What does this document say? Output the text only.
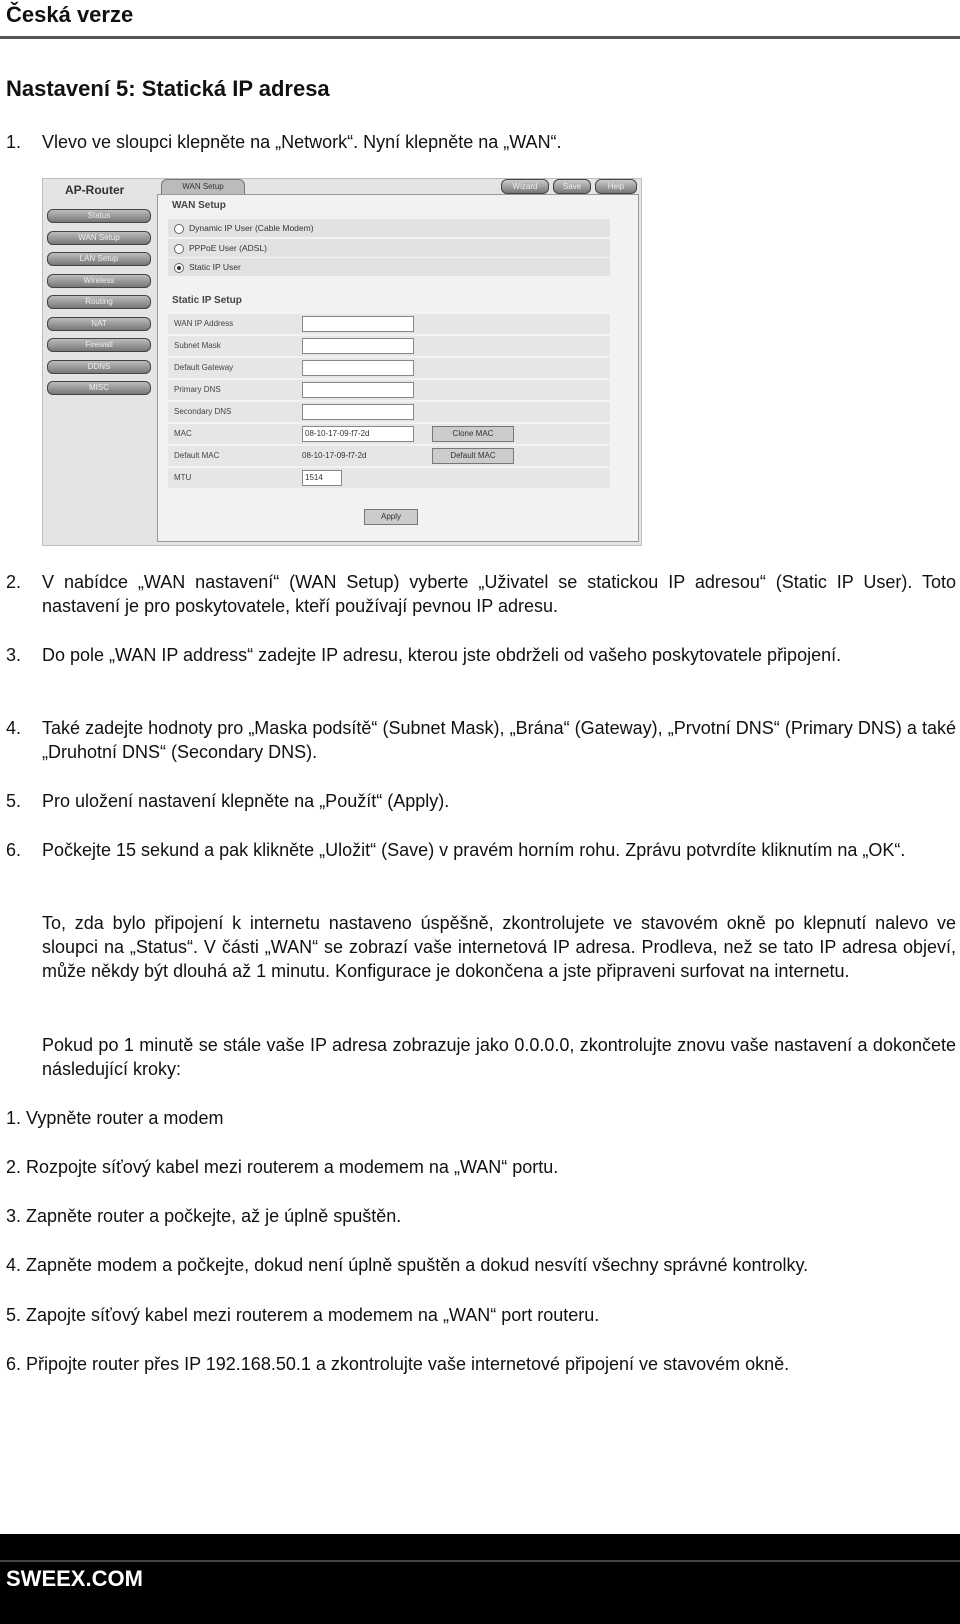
Česká verze
Nastavení 5: Statická IP adresa
1. Vlevo ve sloupci klepněte na „Network“. Nyní klepněte na „WAN“.
AP-Router
Status
WAN Setup
LAN Setup
Wireless
Routing
NAT
Firewall
DDNS
MISC
WAN Setup	Wizard	Save	Help
WAN Setup
Dynamic IP User (Cable Modem)
PPPoE User (ADSL)
Static IP User
Static IP Setup
WAN IP Address
Subnet Mask
Default Gateway
Primary DNS
Secondary DNS
MAC	08-10-17-09-f7-2d	Clone MAC
Default MAC	08-10-17-09-f7-2d	Default MAC
MTU	1514
Apply
2. V nabídce „WAN nastavení“ (WAN Setup) vyberte „Uživatel se statickou IP adresou“ (Static IP User). Toto nastavení je pro poskytovatele, kteří používají pevnou IP adresu.
3. Do pole „WAN IP address“ zadejte IP adresu, kterou jste obdrželi od vašeho poskytovatele připojení.
4. Také zadejte hodnoty pro „Maska podsítě“ (Subnet Mask), „Brána“ (Gateway), „Prvotní DNS“ (Primary DNS) a také „Druhotní DNS“ (Secondary DNS).
5. Pro uložení nastavení klepněte na „Použít“ (Apply).
6. Počkejte 15 sekund a pak klikněte „Uložit“ (Save) v pravém horním rohu. Zprávu potvrdíte kliknutím na „OK“.
To, zda bylo připojení k internetu nastaveno úspěšně, zkontrolujete ve stavovém okně po klepnutí nalevo ve sloupci na „Status“. V části „WAN“ se zobrazí vaše internetová IP adresa. Prodleva, než se tato IP adresa objeví, může někdy být dlouhá až 1 minutu. Konfigurace je dokončena a jste připraveni surfovat na internetu.
Pokud po 1 minutě se stále vaše IP adresa zobrazuje jako 0.0.0.0, zkontrolujte znovu vaše nastavení a dokončete následující kroky:
1. Vypněte router a modem
2. Rozpojte síťový kabel mezi routerem a modemem na „WAN“ portu.
3. Zapněte router a počkejte, až je úplně spuštěn.
4. Zapněte modem a počkejte, dokud není úplně spuštěn a dokud nesvítí všechny správné kontrolky.
5. Zapojte síťový kabel mezi routerem a modemem na „WAN“ port routeru.
6. Připojte router přes IP 192.168.50.1 a zkontrolujte vaše internetové připojení ve stavovém okně.
SWEEX.COM
